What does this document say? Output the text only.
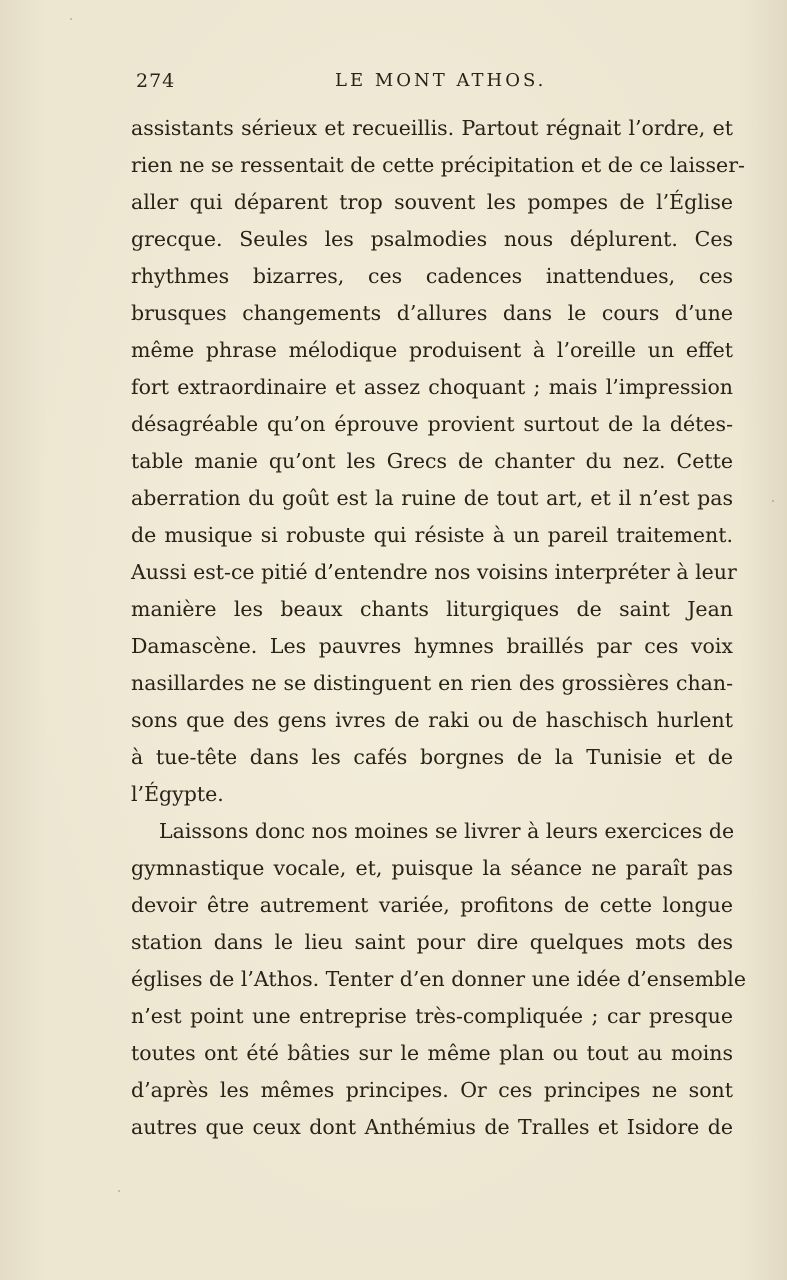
274	LE MONT ATHOS.
assistants sérieux et recueillis. Partout régnait l’ordre, et
rien ne se ressentait de cette précipitation et de ce laisser-
aller qui déparent trop souvent les pompes de l’Église
grecque. Seules les psalmodies nous déplurent. Ces
rhythmes bizarres, ces cadences inattendues, ces
brusques changements d’allures dans le cours d’une
même phrase mélodique produisent à l’oreille un effet
fort extraordinaire et assez choquant ; mais l’impression
désagréable qu’on éprouve provient surtout de la détes-
table manie qu’ont les Grecs de chanter du nez. Cette
aberration du goût est la ruine de tout art, et il n’est pas
de musique si robuste qui résiste à un pareil traitement.
Aussi est-ce pitié d’entendre nos voisins interpréter à leur
manière les beaux chants liturgiques de saint Jean
Damascène. Les pauvres hymnes braillés par ces voix
nasillardes ne se distinguent en rien des grossières chan-
sons que des gens ivres de raki ou de haschisch hurlent
à tue-tête dans les cafés borgnes de la Tunisie et de
l’Égypte.
Laissons donc nos moines se livrer à leurs exercices de
gymnastique vocale, et, puisque la séance ne paraît pas
devoir être autrement variée, profitons de cette longue
station dans le lieu saint pour dire quelques mots des
églises de l’Athos. Tenter d’en donner une idée d’ensemble
n’est point une entreprise très-compliquée ; car presque
toutes ont été bâties sur le même plan ou tout au moins
d’après les mêmes principes. Or ces principes ne sont
autres que ceux dont Anthémius de Tralles et Isidore de
